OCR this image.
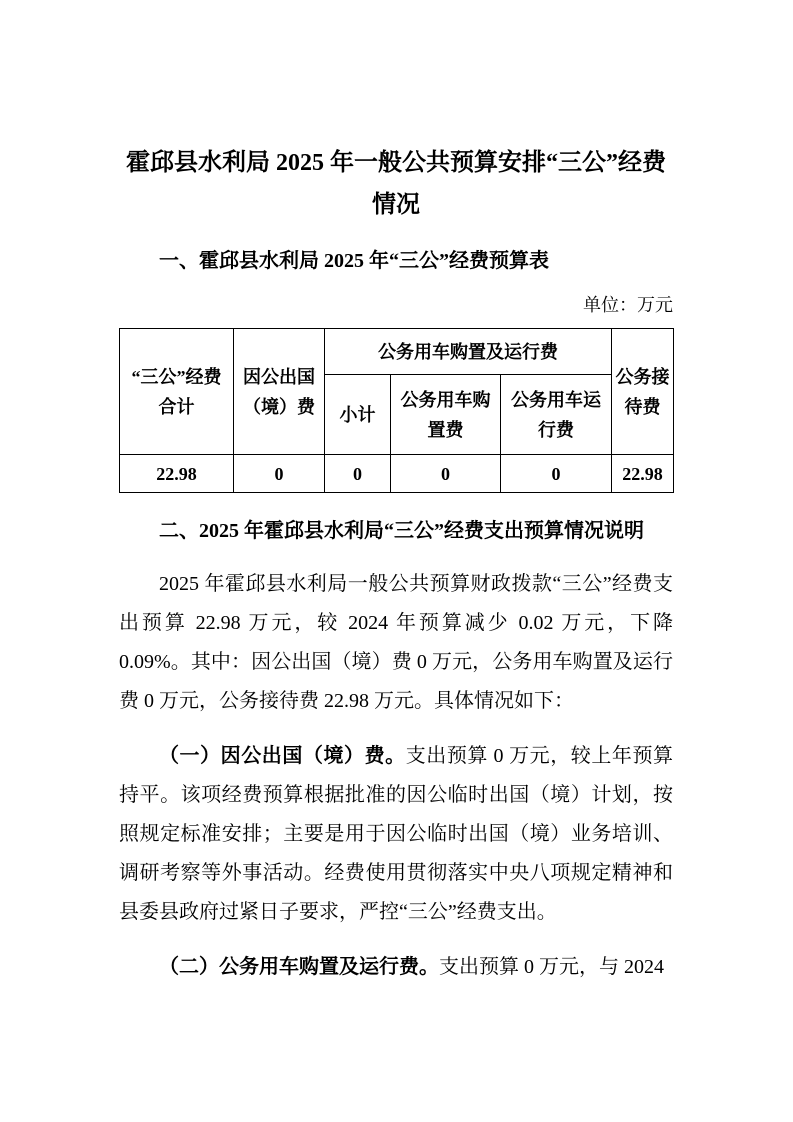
霍邱县水利局 2025 年一般公共预算安排“三公”经费情况

一、霍邱县水利局 2025 年“三公”经费预算表

单位：万元

“三公”经费合计	因公出国（境）费	公务用车购置及运行费			公务接待费
		小计	公务用车购置费	公务用车运行费	
22.98	0	0	0	0	22.98

二、2025 年霍邱县水利局“三公”经费支出预算情况说明

2025 年霍邱县水利局一般公共预算财政拨款“三公”经费支出预算 22.98 万元，较 2024 年预算减少 0.02 万元，下降 0.09%。其中：因公出国（境）费 0 万元，公务用车购置及运行费 0 万元，公务接待费 22.98 万元。具体情况如下：

（一）因公出国（境）费。支出预算 0 万元，较上年预算持平。该项经费预算根据批准的因公临时出国（境）计划，按照规定标准安排；主要是用于因公临时出国（境）业务培训、调研考察等外事活动。经费使用贯彻落实中央八项规定精神和县委县政府过紧日子要求，严控“三公”经费支出。

（二）公务用车购置及运行费。支出预算 0 万元，与 2024
